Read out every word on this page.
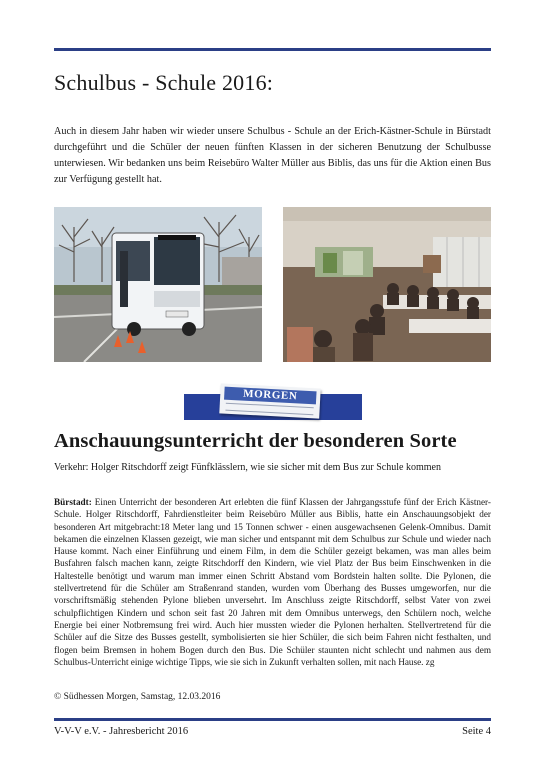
Schulbus - Schule 2016:

Auch in diesem Jahr haben wir wieder unsere Schulbus - Schule an der Erich-Kästner-Schule in Bürstadt durchgeführt und die Schüler der neuen fünften Klassen in der sicheren Benutzung der Schulbusse unterwiesen. Wir bedanken uns beim Reisebüro Walter Müller aus Biblis, das uns für die Aktion einen Bus zur Verfügung gestellt hat.

MORGEN
Anschauungsunterricht der besonderen Sorte

Verkehr: Holger Ritschdorff zeigt Fünfklässlern, wie sie sicher mit dem Bus zur Schule kommen

Bürstadt: Einen Unterricht der besonderen Art erlebten die fünf Klassen der Jahrgangsstufe fünf der Erich Kästner-Schule. Holger Ritschdorff, Fahrdienstleiter beim Reisebüro Müller aus Biblis, hatte ein Anschauungsobjekt der besonderen Art mitgebracht:18 Meter lang und 15 Tonnen schwer - einen ausgewachsenen Gelenk-Omnibus. Damit bekamen die einzelnen Klassen gezeigt, wie man sicher und entspannt mit dem Schulbus zur Schule und wieder nach Hause kommt. Nach einer Einführung und einem Film, in dem die Schüler gezeigt bekamen, was man alles beim Busfahren falsch machen kann, zeigte Ritschdorff den Kindern, wie viel Platz der Bus beim Einschwenken in die Haltestelle benötigt und warum man immer einen Schritt Abstand vom Bordstein halten sollte. Die Pylonen, die stellvertretend für die Schüler am Straßenrand standen, wurden vom Überhang des Busses umgeworfen, nur die vorschriftsmäßig stehenden Pylone blieben unversehrt. Im Anschluss zeigte Ritschdorff, selbst Vater von zwei schulpflichtigen Kindern und schon seit fast 20 Jahren mit dem Omnibus unterwegs, den Schülern noch, welche Energie bei einer Notbremsung frei wird. Auch hier mussten wieder die Pylonen herhalten. Stellvertretend für die Schüler auf die Sitze des Busses gestellt, symbolisierten sie hier Schüler, die sich beim Fahren nicht festhalten, und flogen beim Bremsen in hohem Bogen durch den Bus. Die Schüler staunten nicht schlecht und nahmen aus dem Schulbus-Unterricht einige wichtige Tipps, wie sie sich in Zukunft verhalten sollen, mit nach Hause. zg

© Südhessen Morgen, Samstag, 12.03.2016

V-V-V e.V. - Jahresbericht 2016	Seite 4
